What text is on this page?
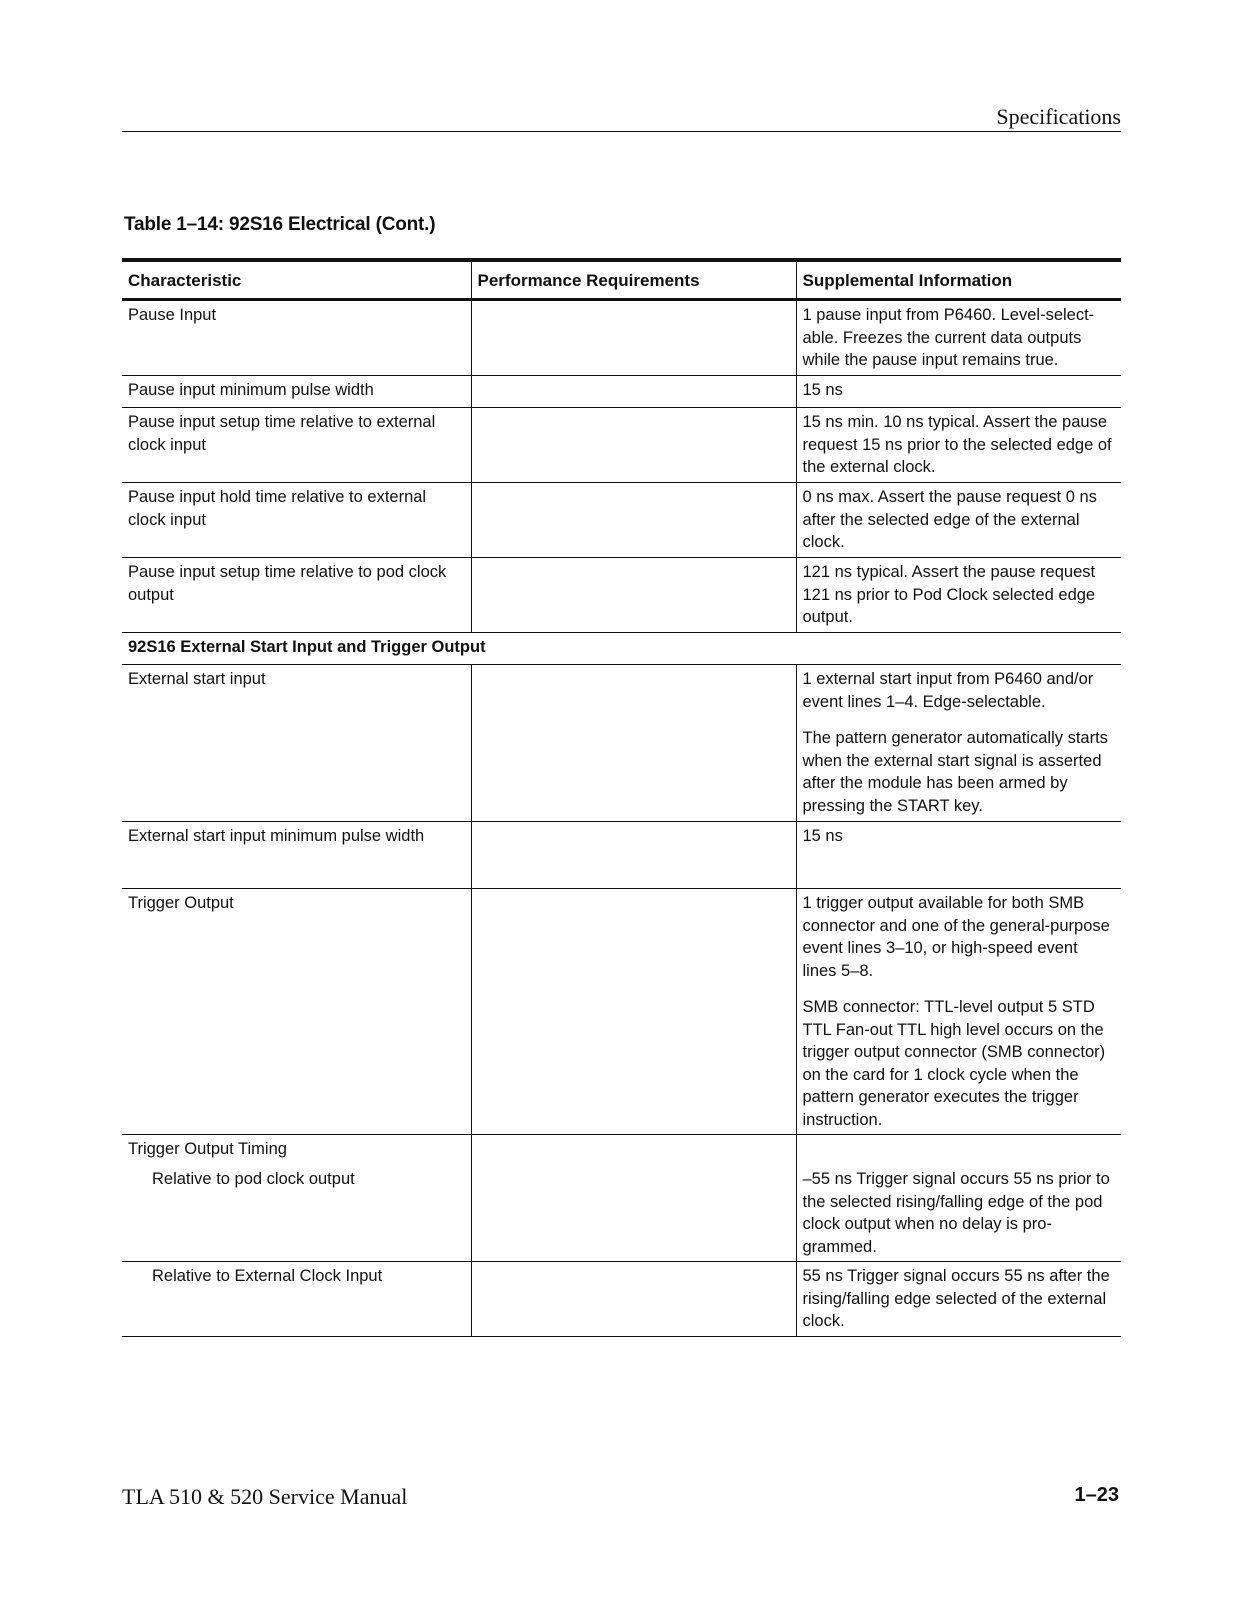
Specifications
Table 1–14: 92S16 Electrical (Cont.)
Characteristic	Performance Requirements	Supplemental Information
Pause Input		1 pause input from P6460. Level-select-able. Freezes the current data outputs while the pause input remains true.
Pause input minimum pulse width		15 ns
Pause input setup time relative to external clock input		15 ns min. 10 ns typical. Assert the pause request 15 ns prior to the selected edge of the external clock.
Pause input hold time relative to external clock input		0 ns max. Assert the pause request 0 ns after the selected edge of the external clock.
Pause input setup time relative to pod clock output		121 ns typical. Assert the pause request 121 ns prior to Pod Clock selected edge output.
92S16 External Start Input and Trigger Output		
External start input		1 external start input from P6460 and/or event lines 1–4. Edge-selectable.

The pattern generator automatically starts when the external start signal is asserted after the module has been armed by pressing the START key.

External start input minimum pulse width		15 ns
Trigger Output		1 trigger output available for both SMB connector and one of the general-purpose event lines 3–10, or high-speed event lines 5–8.

SMB connector: TTL-level output 5 STD TTL Fan-out TTL high level occurs on the trigger output connector (SMB connector) on the card for 1 clock cycle when the pattern generator executes the trigger instruction.

Trigger Output Timing		
Relative to pod clock output		–55 ns Trigger signal occurs 55 ns prior to the selected rising/falling edge of the pod clock output when no delay is pro-grammed.
Relative to External Clock Input		55 ns Trigger signal occurs 55 ns after the rising/falling edge selected of the external clock.
TLA 510 & 520 Service Manual	1–23
